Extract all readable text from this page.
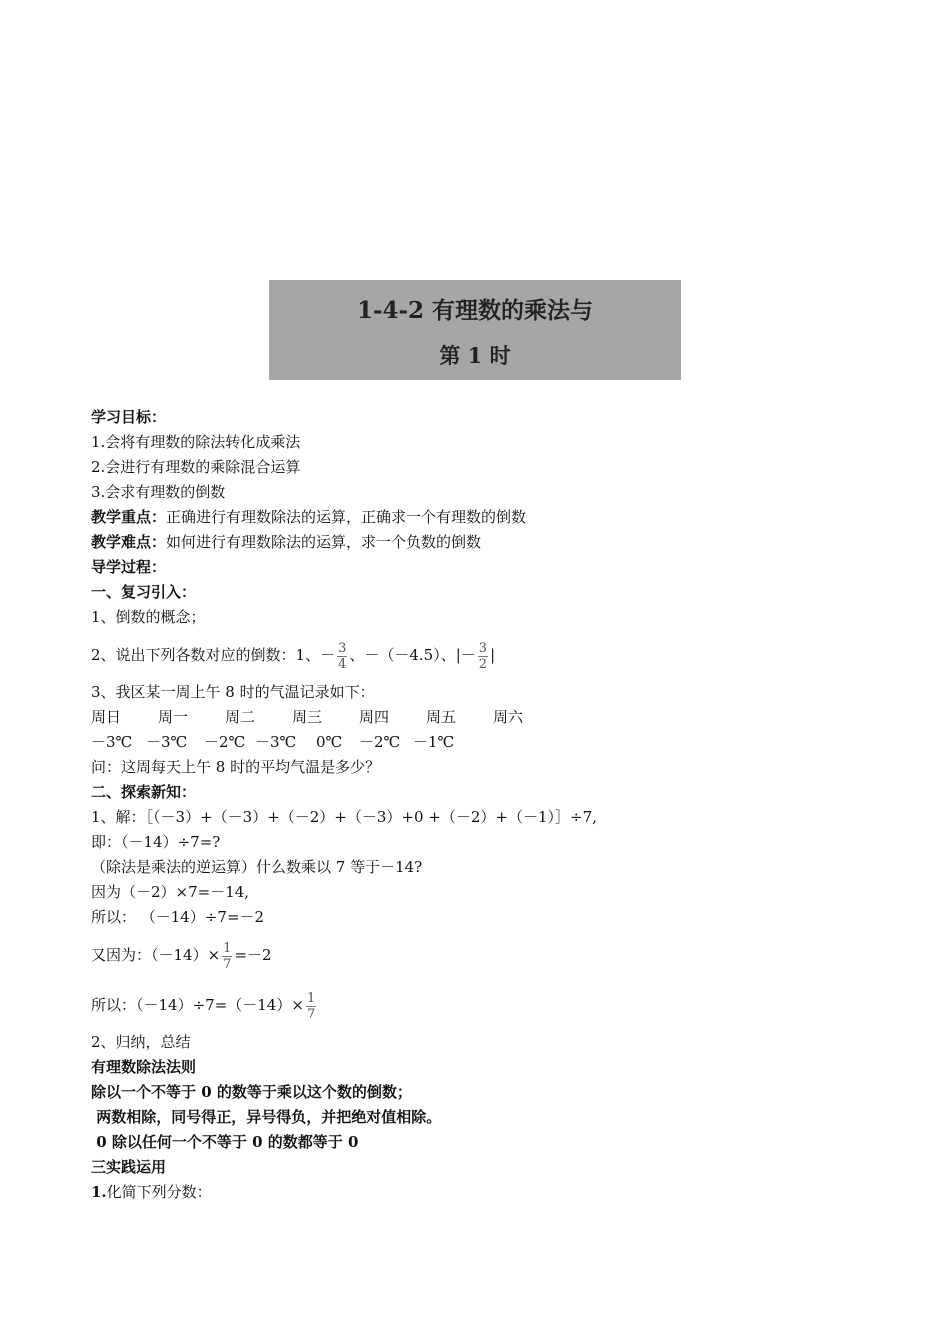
1-4-2 有理数的乘法与
第 1 时
学习目标：
1.会将有理数的除法转化成乘法
2.会进行有理数的乘除混合运算
3.会求有理数的倒数
教学重点：正确进行有理数除法的运算，正确求一个有理数的倒数
教学难点：如何进行有理数除法的运算，求一个负数的倒数
导学过程：
一、复习引入：
1、倒数的概念；
2、说出下列各数对应的倒数：1、－ $\frac{3}{4}$ 、－（－4.5）、|－ $\frac{3}{2}$ |
3、我区某一周上午 8 时的气温记录如下：
周日 周一 周二 周三 周四 周五 周六
－3℃ －3℃ －2℃ －3℃ 0℃ －2℃ －1℃
问：这周每天上午 8 时的平均气温是多少？
二、探索新知：
1、解：［（－3）+（－3）+（－2）+（－3）+0 +（－2）+（－1）］÷7,
即：（－14）÷7=?
（除法是乘法的逆运算）什么数乘以 7 等于－14?
因为（－2）×7=－14,
所以： （－14）÷7=－2
又因为：$(-14)\times \frac{1}{7} =-2$
所以：$(-14)\div 7=(-14)\times \frac{1}{7}$
2、归纳，总结
有理数除法法则
除以一个不等于 0 的数等于乘以这个数的倒数；
两数相除，同号得正，异号得负，并把绝对值相除。
0 除以任何一个不等于 0 的数都等于 0
三实践运用
1.化简下列分数：
